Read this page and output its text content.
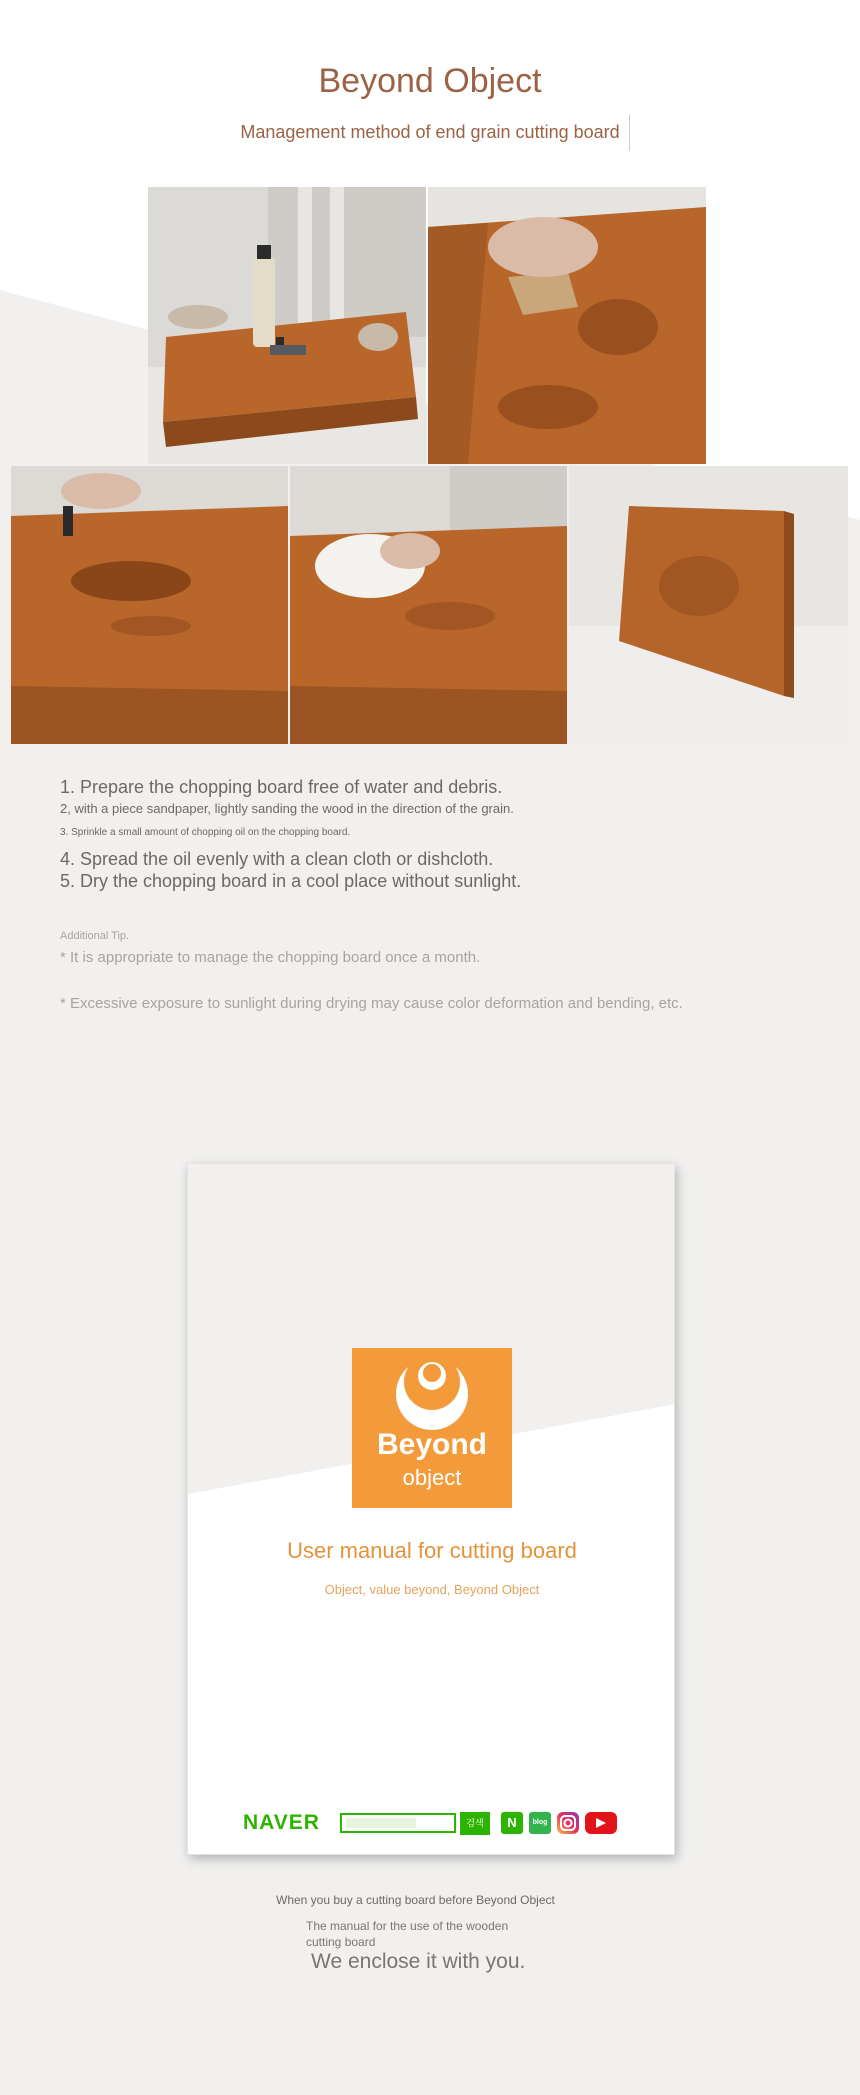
Beyond Object
Management method of end grain cutting board
1. Prepare the chopping board free of water and debris.
2, with a piece sandpaper, lightly sanding the wood in the direction of the grain.
3. Sprinkle a small amount of chopping oil on the chopping board.
4. Spread the oil evenly with a clean cloth or dishcloth.
5. Dry the chopping board in a cool place without sunlight.
Additional Tip.
* It is appropriate to manage the chopping board once a month.
* Excessive exposure to sunlight during drying may cause color deformation and bending, etc.
Beyond
object
User manual for cutting board
Object, value beyond, Beyond Object
NAVER	검색	N	blog
When you buy a cutting board before Beyond Object
The manual for the use of the wooden cutting board
We enclose it with you.
